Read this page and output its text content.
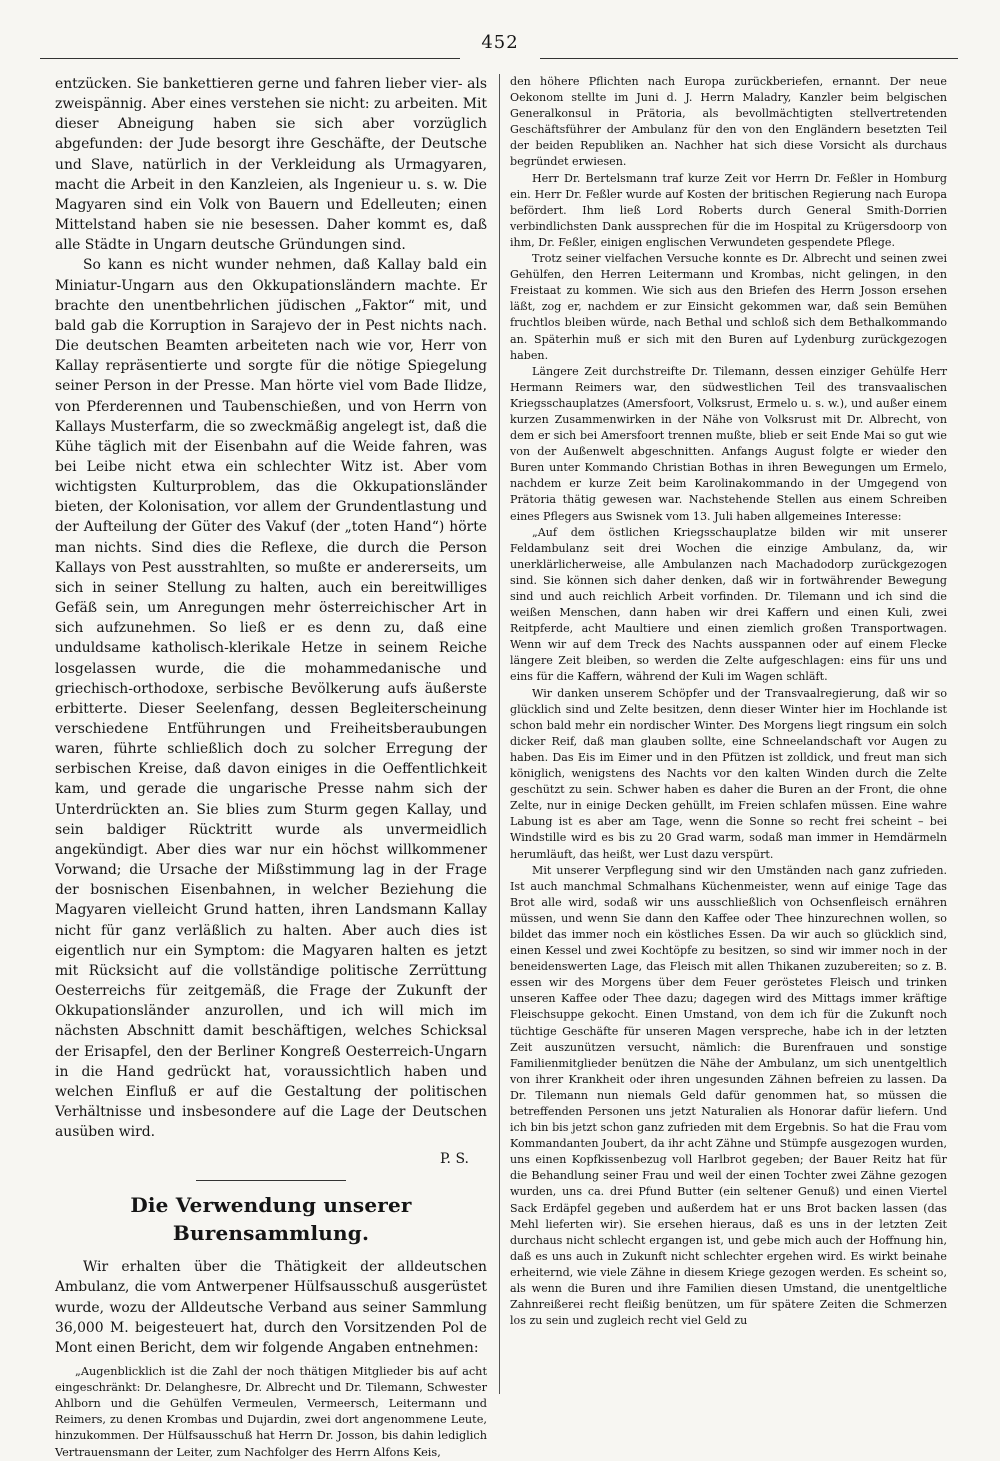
452

entzücken. Sie bankettieren gerne und fahren lieber vier- als zweispännig. Aber eines verstehen sie nicht: zu arbeiten. Mit dieser Abneigung haben sie sich aber vorzüglich abgefunden: der Jude besorgt ihre Geschäfte, der Deutsche und Slave, natürlich in der Verkleidung als Urmagyaren, macht die Arbeit in den Kanzleien, als Ingenieur u. s. w. Die Magyaren sind ein Volk von Bauern und Edelleuten; einen Mittelstand haben sie nie besessen. Daher kommt es, daß alle Städte in Ungarn deutsche Gründungen sind.

So kann es nicht wunder nehmen, daß Kallay bald ein Miniatur-Ungarn aus den Okkupationsländern machte. Er brachte den unentbehrlichen jüdischen „Faktor“ mit, und bald gab die Korruption in Sarajevo der in Pest nichts nach. Die deutschen Beamten arbeiteten nach wie vor, Herr von Kallay repräsentierte und sorgte für die nötige Spiegelung seiner Person in der Presse. Man hörte viel vom Bade Ilidze, von Pferderennen und Taubenschießen, und von Herrn von Kallays Musterfarm, die so zweckmäßig angelegt ist, daß die Kühe täglich mit der Eisenbahn auf die Weide fahren, was bei Leibe nicht etwa ein schlechter Witz ist. Aber vom wichtigsten Kulturproblem, das die Okkupationsländer bieten, der Kolonisation, vor allem der Grundentlastung und der Aufteilung der Güter des Vakuf (der „toten Hand“) hörte man nichts. Sind dies die Reflexe, die durch die Person Kallays von Pest ausstrahlten, so mußte er andererseits, um sich in seiner Stellung zu halten, auch ein bereitwilliges Gefäß sein, um Anregungen mehr österreichischer Art in sich aufzunehmen. So ließ er es denn zu, daß eine unduldsame katholisch-klerikale Hetze in seinem Reiche losgelassen wurde, die die mohammedanische und griechisch-orthodoxe, serbische Bevölkerung aufs äußerste erbitterte. Dieser Seelenfang, dessen Begleiterscheinung verschiedene Entführungen und Freiheitsberaubungen waren, führte schließlich doch zu solcher Erregung der serbischen Kreise, daß davon einiges in die Oeffentlichkeit kam, und gerade die ungarische Presse nahm sich der Unterdrückten an. Sie blies zum Sturm gegen Kallay, und sein baldiger Rücktritt wurde als unvermeidlich angekündigt. Aber dies war nur ein höchst willkommener Vorwand; die Ursache der Mißstimmung lag in der Frage der bosnischen Eisenbahnen, in welcher Beziehung die Magyaren vielleicht Grund hatten, ihren Landsmann Kallay nicht für ganz verläßlich zu halten. Aber auch dies ist eigentlich nur ein Symptom: die Magyaren halten es jetzt mit Rücksicht auf die vollständige politische Zerrüttung Oesterreichs für zeitgemäß, die Frage der Zukunft der Okkupationsländer anzurollen, und ich will mich im nächsten Abschnitt damit beschäftigen, welches Schicksal der Erisapfel, den der Berliner Kongreß Oesterreich-Ungarn in die Hand gedrückt hat, voraussichtlich haben und welchen Einfluß er auf die Gestaltung der politischen Verhältnisse und insbesondere auf die Lage der Deutschen ausüben wird.

P. S.
Die Verwendung unserer Burensammlung.

Wir erhalten über die Thätigkeit der alldeutschen Ambulanz, die vom Antwerpener Hülfsausschuß ausgerüstet wurde, wozu der Alldeutsche Verband aus seiner Sammlung 36,000 M. beigesteuert hat, durch den Vorsitzenden Pol de Mont einen Bericht, dem wir folgende Angaben entnehmen:

„Augenblicklich ist die Zahl der noch thätigen Mitglieder bis auf acht eingeschränkt: Dr. Delanghesre, Dr. Albrecht und Dr. Tilemann, Schwester Ahlborn und die Gehülfen Vermeulen, Vermeersch, Leitermann und Reimers, zu denen Krombas und Dujardin, zwei dort angenommene Leute, hinzukommen. Der Hülfsausschuß hat Herrn Dr. Josson, bis dahin lediglich Vertrauensmann der Leiter, zum Nachfolger des Herrn Alfons Keis,

den höhere Pflichten nach Europa zurückberiefen, ernannt. Der neue Oekonom stellte im Juni d. J. Herrn Maladry, Kanzler beim belgischen Generalkonsul in Prätoria, als bevollmächtigten stellvertretenden Geschäftsführer der Ambulanz für den von den Engländern besetzten Teil der beiden Republiken an. Nachher hat sich diese Vorsicht als durchaus begründet erwiesen.

Herr Dr. Bertelsmann traf kurze Zeit vor Herrn Dr. Feßler in Homburg ein. Herr Dr. Feßler wurde auf Kosten der britischen Regierung nach Europa befördert. Ihm ließ Lord Roberts durch General Smith-Dorrien verbindlichsten Dank aussprechen für die im Hospital zu Krügersdoorp von ihm, Dr. Feßler, einigen englischen Verwundeten gespendete Pflege.

Trotz seiner vielfachen Versuche konnte es Dr. Albrecht und seinen zwei Gehülfen, den Herren Leitermann und Krombas, nicht gelingen, in den Freistaat zu kommen. Wie sich aus den Briefen des Herrn Josson ersehen läßt, zog er, nachdem er zur Einsicht gekommen war, daß sein Bemühen fruchtlos bleiben würde, nach Bethal und schloß sich dem Bethalkommando an. Späterhin muß er sich mit den Buren auf Lydenburg zurückgezogen haben.

Längere Zeit durchstreifte Dr. Tilemann, dessen einziger Gehülfe Herr Hermann Reimers war, den südwestlichen Teil des transvaalischen Kriegsschauplatzes (Amersfoort, Volksrust, Ermelo u. s. w.), und außer einem kurzen Zusammenwirken in der Nähe von Volksrust mit Dr. Albrecht, von dem er sich bei Amersfoort trennen mußte, blieb er seit Ende Mai so gut wie von der Außenwelt abgeschnitten. Anfangs August folgte er wieder den Buren unter Kommando Christian Bothas in ihren Bewegungen um Ermelo, nachdem er kurze Zeit beim Karolinakommando in der Umgegend von Prätoria thätig gewesen war. Nachstehende Stellen aus einem Schreiben eines Pflegers aus Swisnek vom 13. Juli haben allgemeines Interesse:

„Auf dem östlichen Kriegsschauplatze bilden wir mit unserer Feldambulanz seit drei Wochen die einzige Ambulanz, da, wir unerklärlicherweise, alle Ambulanzen nach Machadodorp zurückgezogen sind. Sie können sich daher denken, daß wir in fortwährender Bewegung sind und auch reichlich Arbeit vorfinden. Dr. Tilemann und ich sind die weißen Menschen, dann haben wir drei Kaffern und einen Kuli, zwei Reitpferde, acht Maultiere und einen ziemlich großen Transportwagen. Wenn wir auf dem Treck des Nachts ausspannen oder auf einem Flecke längere Zeit bleiben, so werden die Zelte aufgeschlagen: eins für uns und eins für die Kaffern, während der Kuli im Wagen schläft.

Wir danken unserem Schöpfer und der Transvaalregierung, daß wir so glücklich sind und Zelte besitzen, denn dieser Winter hier im Hochlande ist schon bald mehr ein nordischer Winter. Des Morgens liegt ringsum ein solch dicker Reif, daß man glauben sollte, eine Schneelandschaft vor Augen zu haben. Das Eis im Eimer und in den Pfützen ist zolldick, und freut man sich königlich, wenigstens des Nachts vor den kalten Winden durch die Zelte geschützt zu sein. Schwer haben es daher die Buren an der Front, die ohne Zelte, nur in einige Decken gehüllt, im Freien schlafen müssen. Eine wahre Labung ist es aber am Tage, wenn die Sonne so recht frei scheint – bei Windstille wird es bis zu 20 Grad warm, sodaß man immer in Hemdärmeln herumläuft, das heißt, wer Lust dazu verspürt.

Mit unserer Verpflegung sind wir den Umständen nach ganz zufrieden. Ist auch manchmal Schmalhans Küchenmeister, wenn auf einige Tage das Brot alle wird, sodaß wir uns ausschließlich von Ochsenfleisch ernähren müssen, und wenn Sie dann den Kaffee oder Thee hinzurechnen wollen, so bildet das immer noch ein köstliches Essen. Da wir auch so glücklich sind, einen Kessel und zwei Kochtöpfe zu besitzen, so sind wir immer noch in der beneidenswerten Lage, das Fleisch mit allen Thikanen zuzubereiten; so z. B. essen wir des Morgens über dem Feuer geröstetes Fleisch und trinken unseren Kaffee oder Thee dazu; dagegen wird des Mittags immer kräftige Fleischsuppe gekocht. Einen Umstand, von dem ich für die Zukunft noch tüchtige Geschäfte für unseren Magen verspreche, habe ich in der letzten Zeit auszunützen versucht, nämlich: die Burenfrauen und sonstige Familienmitglieder benützen die Nähe der Ambulanz, um sich unentgeltlich von ihrer Krankheit oder ihren ungesunden Zähnen befreien zu lassen. Da Dr. Tilemann nun niemals Geld dafür genommen hat, so müssen die betreffenden Personen uns jetzt Naturalien als Honorar dafür liefern. Und ich bin bis jetzt schon ganz zufrieden mit dem Ergebnis. So hat die Frau vom Kommandanten Joubert, da ihr acht Zähne und Stümpfe ausgezogen wurden, uns einen Kopfkissenbezug voll Harlbrot gegeben; der Bauer Reitz hat für die Behandlung seiner Frau und weil der einen Tochter zwei Zähne gezogen wurden, uns ca. drei Pfund Butter (ein seltener Genuß) und einen Viertel Sack Erdäpfel gegeben und außerdem hat er uns Brot backen lassen (das Mehl lieferten wir). Sie ersehen hieraus, daß es uns in der letzten Zeit durchaus nicht schlecht ergangen ist, und gebe mich auch der Hoffnung hin, daß es uns auch in Zukunft nicht schlechter ergehen wird. Es wirkt beinahe erheiternd, wie viele Zähne in diesem Kriege gezogen werden. Es scheint so, als wenn die Buren und ihre Familien diesen Umstand, die unentgeltliche Zahnreißerei recht fleißig benützen, um für spätere Zeiten die Schmerzen los zu sein und zugleich recht viel Geld zu
